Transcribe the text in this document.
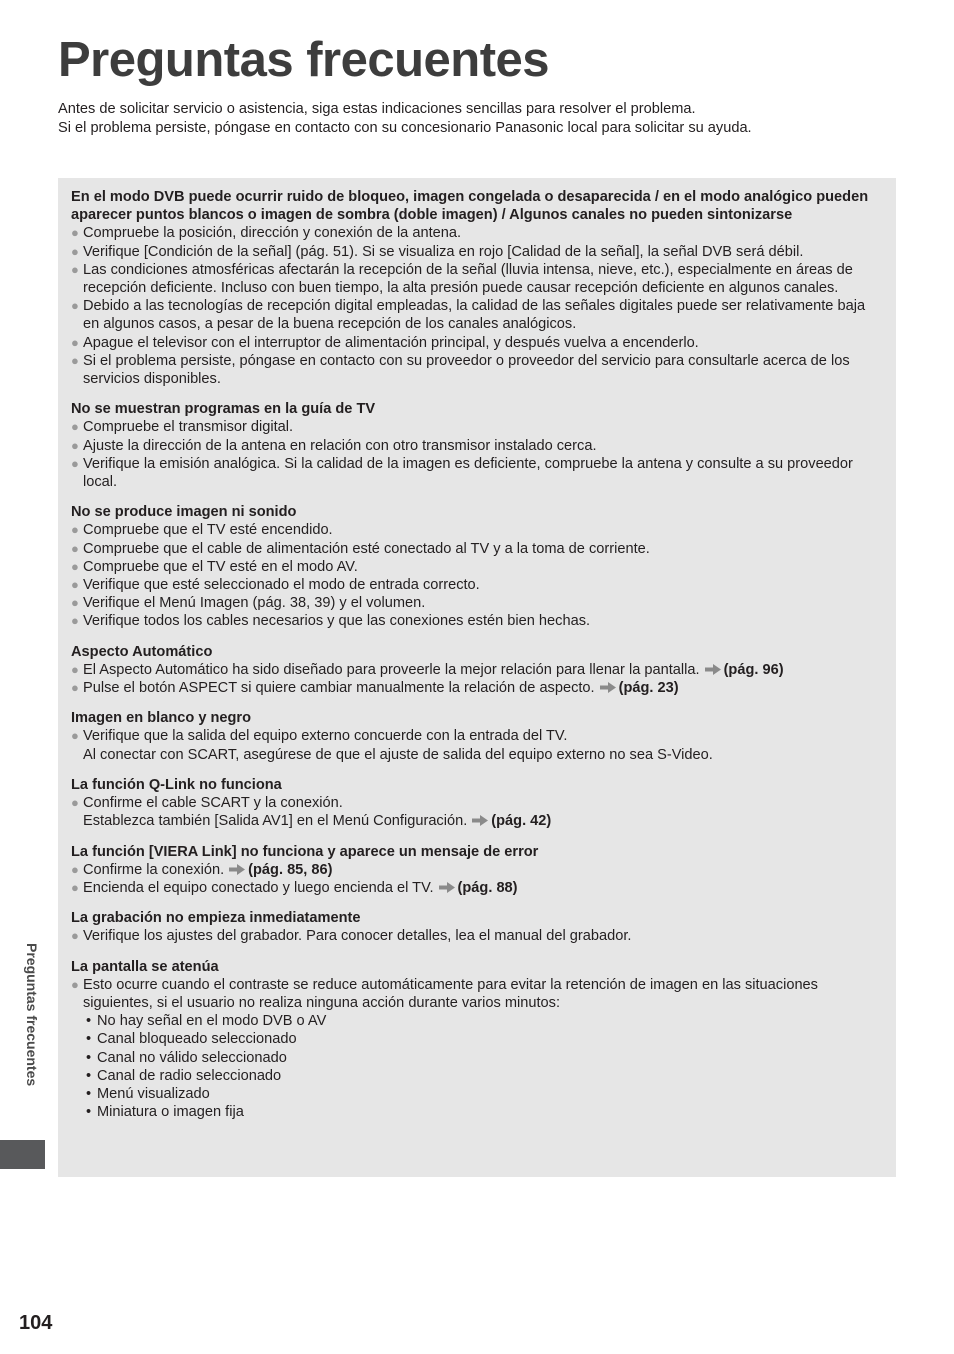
Preguntas frecuentes

Antes de solicitar servicio o asistencia, siga estas indicaciones sencillas para resolver el problema.

Si el problema persiste, póngase en contacto con su concesionario Panasonic local para solicitar su ayuda.

En el modo DVB puede ocurrir ruido de bloqueo, imagen congelada o desaparecida / en el modo analógico pueden aparecer puntos blancos o imagen de sombra (doble imagen) / Algunos canales no pueden sintonizarse

● Compruebe la posición, dirección y conexión de la antena.

● Verifique [Condición de la señal] (pág. 51). Si se visualiza en rojo [Calidad de la señal], la señal DVB será débil.

● Las condiciones atmosféricas afectarán la recepción de la señal (lluvia intensa, nieve, etc.), especialmente en áreas de recepción deficiente. Incluso con buen tiempo, la alta presión puede causar recepción deficiente en algunos canales.

● Debido a las tecnologías de recepción digital empleadas, la calidad de las señales digitales puede ser relativamente baja en algunos casos, a pesar de la buena recepción de los canales analógicos.

● Apague el televisor con el interruptor de alimentación principal, y después vuelva a encenderlo.

● Si el problema persiste, póngase en contacto con su proveedor o proveedor del servicio para consultarle acerca de los servicios disponibles.

No se muestran programas en la guía de TV

● Compruebe el transmisor digital.

● Ajuste la dirección de la antena en relación con otro transmisor instalado cerca.

● Verifique la emisión analógica. Si la calidad de la imagen es deficiente, compruebe la antena y consulte a su proveedor local.

No se produce imagen ni sonido

● Compruebe que el TV esté encendido.

● Compruebe que el cable de alimentación esté conectado al TV y a la toma de corriente.

● Compruebe que el TV esté en el modo AV.

● Verifique que esté seleccionado el modo de entrada correcto.

● Verifique el Menú Imagen (pág. 38, 39) y el volumen.

● Verifique todos los cables necesarios y que las conexiones estén bien hechas.

Aspecto Automático

● El Aspecto Automático ha sido diseñado para proveerle la mejor relación para llenar la pantalla. (pág. 96)

● Pulse el botón ASPECT si quiere cambiar manualmente la relación de aspecto. (pág. 23)

Imagen en blanco y negro

● Verifique que la salida del equipo externo concuerde con la entrada del TV.
Al conectar con SCART, asegúrese de que el ajuste de salida del equipo externo no sea S-Video.

La función Q-Link no funciona

● Confirme el cable SCART y la conexión.
Establezca también [Salida AV1] en el Menú Configuración. (pág. 42)

La función [VIERA Link] no funciona y aparece un mensaje de error

● Confirme la conexión. (pág. 85, 86)

● Encienda el equipo conectado y luego encienda el TV. (pág. 88)

La grabación no empieza inmediatamente

● Verifique los ajustes del grabador. Para conocer detalles, lea el manual del grabador.

La pantalla se atenúa

● Esto ocurre cuando el contraste se reduce automáticamente para evitar la retención de imagen en las situaciones siguientes, si el usuario no realiza ninguna acción durante varios minutos:

• No hay señal en el modo DVB o AV

• Canal bloqueado seleccionado

• Canal no válido seleccionado

• Canal de radio seleccionado

• Menú visualizado

• Miniatura o imagen fija

Preguntas frecuentes
104
